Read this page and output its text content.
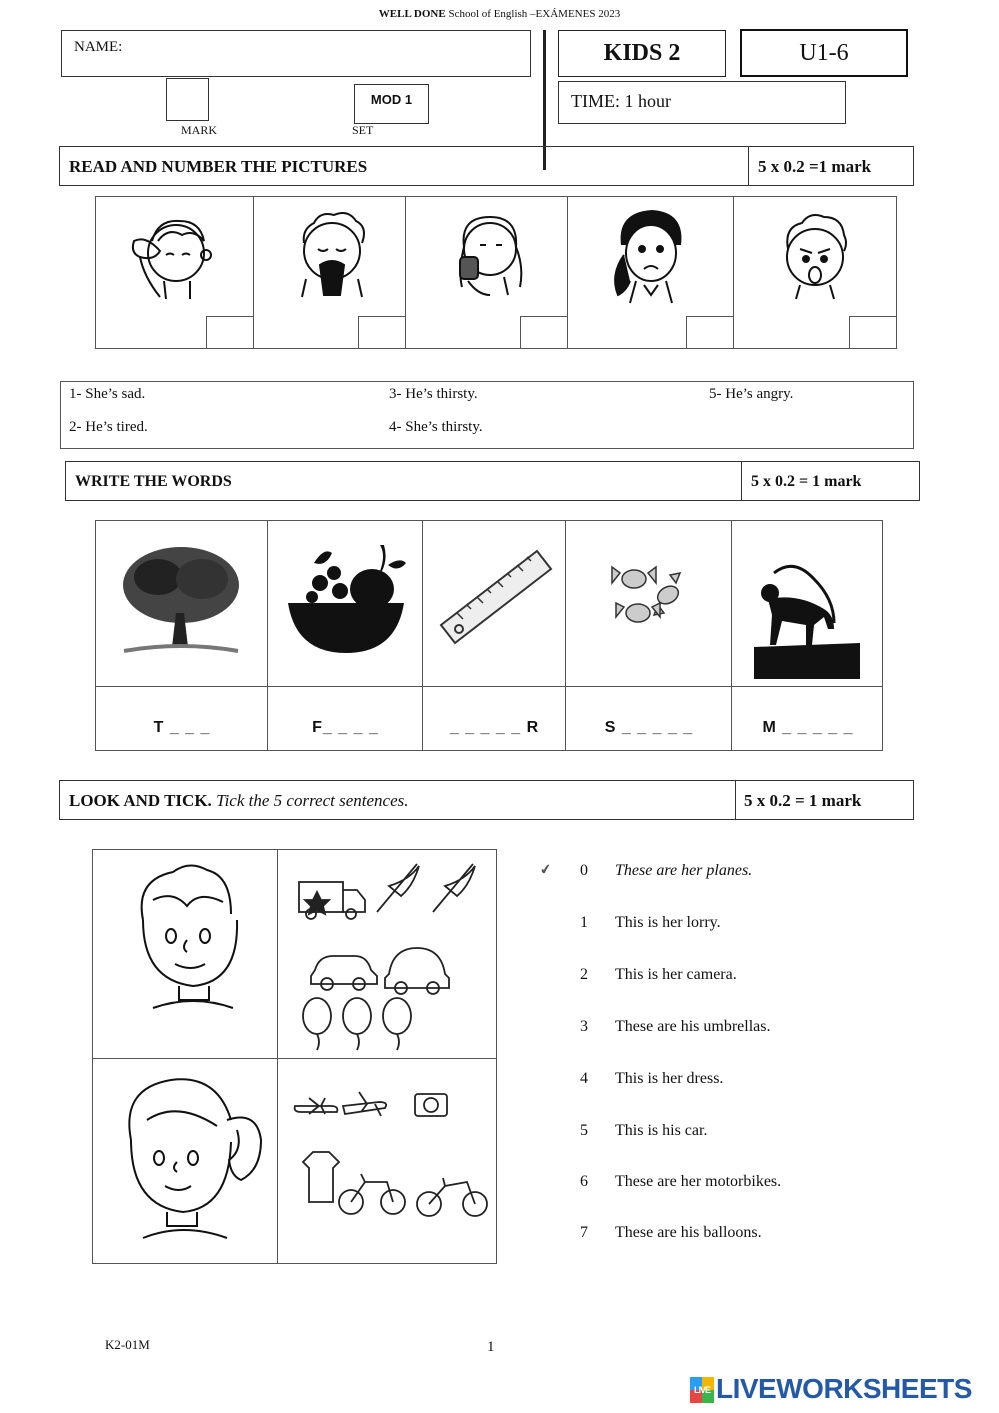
WELL DONE School of English –EXÁMENES 2023
NAME:
MARK
MOD 1
SET
KIDS 2	U1-6
TIME: 1 hour
READ AND NUMBER THE PICTURES	5 x 0.2 =1 mark
1- She’s sad.	3- He’s thirsty.	5- He’s angry.
2- He’s tired.	4- She’s thirsty.
WRITE THE WORDS	5 x 0.2 = 1 mark
T _ _ _	F_ _ _ _	_ _ _ _ _ R	S _ _ _ _ _	M _ _ _ _ _
LOOK AND TICK. Tick the 5 correct sentences.	5 x 0.2 = 1 mark
✔ 0 These are her planes.
1 This is her lorry.
2 This is her camera.
3 These are his umbrellas.
4 This is her dress.
5 This is his car.
6 These are her motorbikes.
7 These are his balloons.
K2-01M	1
LIVE LIVEWORKSHEETS
